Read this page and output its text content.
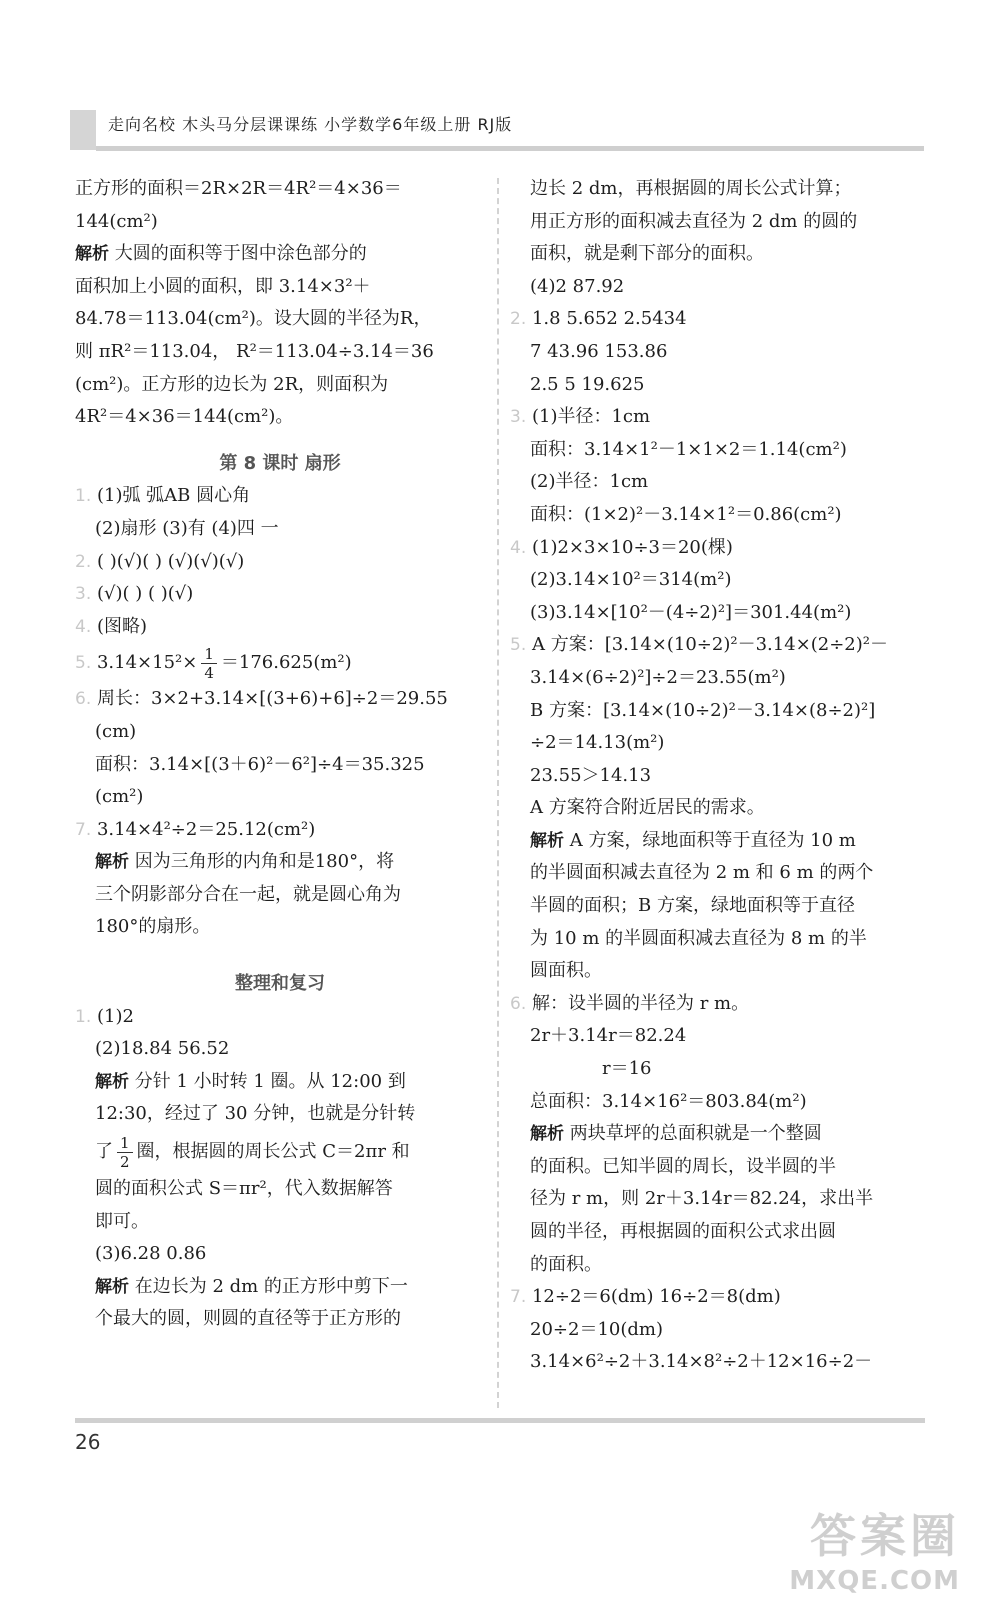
走向名校 木头马分层课课练 小学数学6年级上册 RJ版
正方形的面积＝2R×2R＝4R²＝4×36＝
144(cm²)
解析 大圆的面积等于图中涂色部分的
面积加上小圆的面积，即 3.14×3²＋
84.78＝113.04(cm²)。设大圆的半径为R，
则 πR²＝113.04， R²＝113.04÷3.14＝36
(cm²)。正方形的边长为 2R，则面积为
4R²＝4×36＝144(cm²)。
第 8 课时 扇形
1. (1)弧 弧AB 圆心角
(2)扇形 (3)有 (4)四 一
2. ( )(√)( ) (√)(√)(√)
3. (√)( ) ( )(√)
4. (图略)
5. $3.14\times 15^2\times \frac{1}{4} =176.625(m^2)$
6. 周长：3×2+3.14×[(3+6)+6]÷2＝29.55
(cm)
面积：3.14×[(3＋6)²－6²]÷4＝35.325
(cm²)
7. 3.14×4²÷2＝25.12(cm²)
解析 因为三角形的内角和是180°，将
三个阴影部分合在一起，就是圆心角为
180°的扇形。
整理和复习
1. (1)2
(2)18.84 56.52
解析 分针 1 小时转 1 圈。从 12:00 到
12:30，经过了 30 分钟，也就是分针转
了 $\frac{1}{2}$ 圈，根据圆的周长公式 C＝2πr 和
圆的面积公式 S＝πr²，代入数据解答
即可。
(3)6.28 0.86
解析 在边长为 2 dm 的正方形中剪下一
个最大的圆，则圆的直径等于正方形的
边长 2 dm，再根据圆的周长公式计算；
用正方形的面积减去直径为 2 dm 的圆的
面积，就是剩下部分的面积。
(4)2 87.92
2. 1.8 5.652 2.5434
7 43.96 153.86
2.5 5 19.625
3. (1)半径：1cm
面积：3.14×1²－1×1×2＝1.14(cm²)
(2)半径：1cm
面积：(1×2)²－3.14×1²＝0.86(cm²)
4. (1)2×3×10÷3＝20(棵)
(2)3.14×10²＝314(m²)
(3)3.14×[10²－(4÷2)²]＝301.44(m²)
5. A 方案：[3.14×(10÷2)²－3.14×(2÷2)²－
3.14×(6÷2)²]÷2＝23.55(m²)
B 方案：[3.14×(10÷2)²－3.14×(8÷2)²]
÷2＝14.13(m²)
23.55＞14.13
A 方案符合附近居民的需求。
解析 A 方案，绿地面积等于直径为 10 m
的半圆面积减去直径为 2 m 和 6 m 的两个
半圆的面积；B 方案，绿地面积等于直径
为 10 m 的半圆面积减去直径为 8 m 的半
圆面积。
6. 解：设半圆的半径为 r m。
2r＋3.14r＝82.24
r＝16
总面积：3.14×16²＝803.84(m²)
解析 两块草坪的总面积就是一个整圆
的面积。已知半圆的周长，设半圆的半
径为 r m，则 2r＋3.14r＝82.24，求出半
圆的半径，再根据圆的面积公式求出圆
的面积。
7. 12÷2＝6(dm) 16÷2＝8(dm)
20÷2＝10(dm)
3.14×6²÷2＋3.14×8²÷2＋12×16÷2－
26
答案圈
MXQE.COM
